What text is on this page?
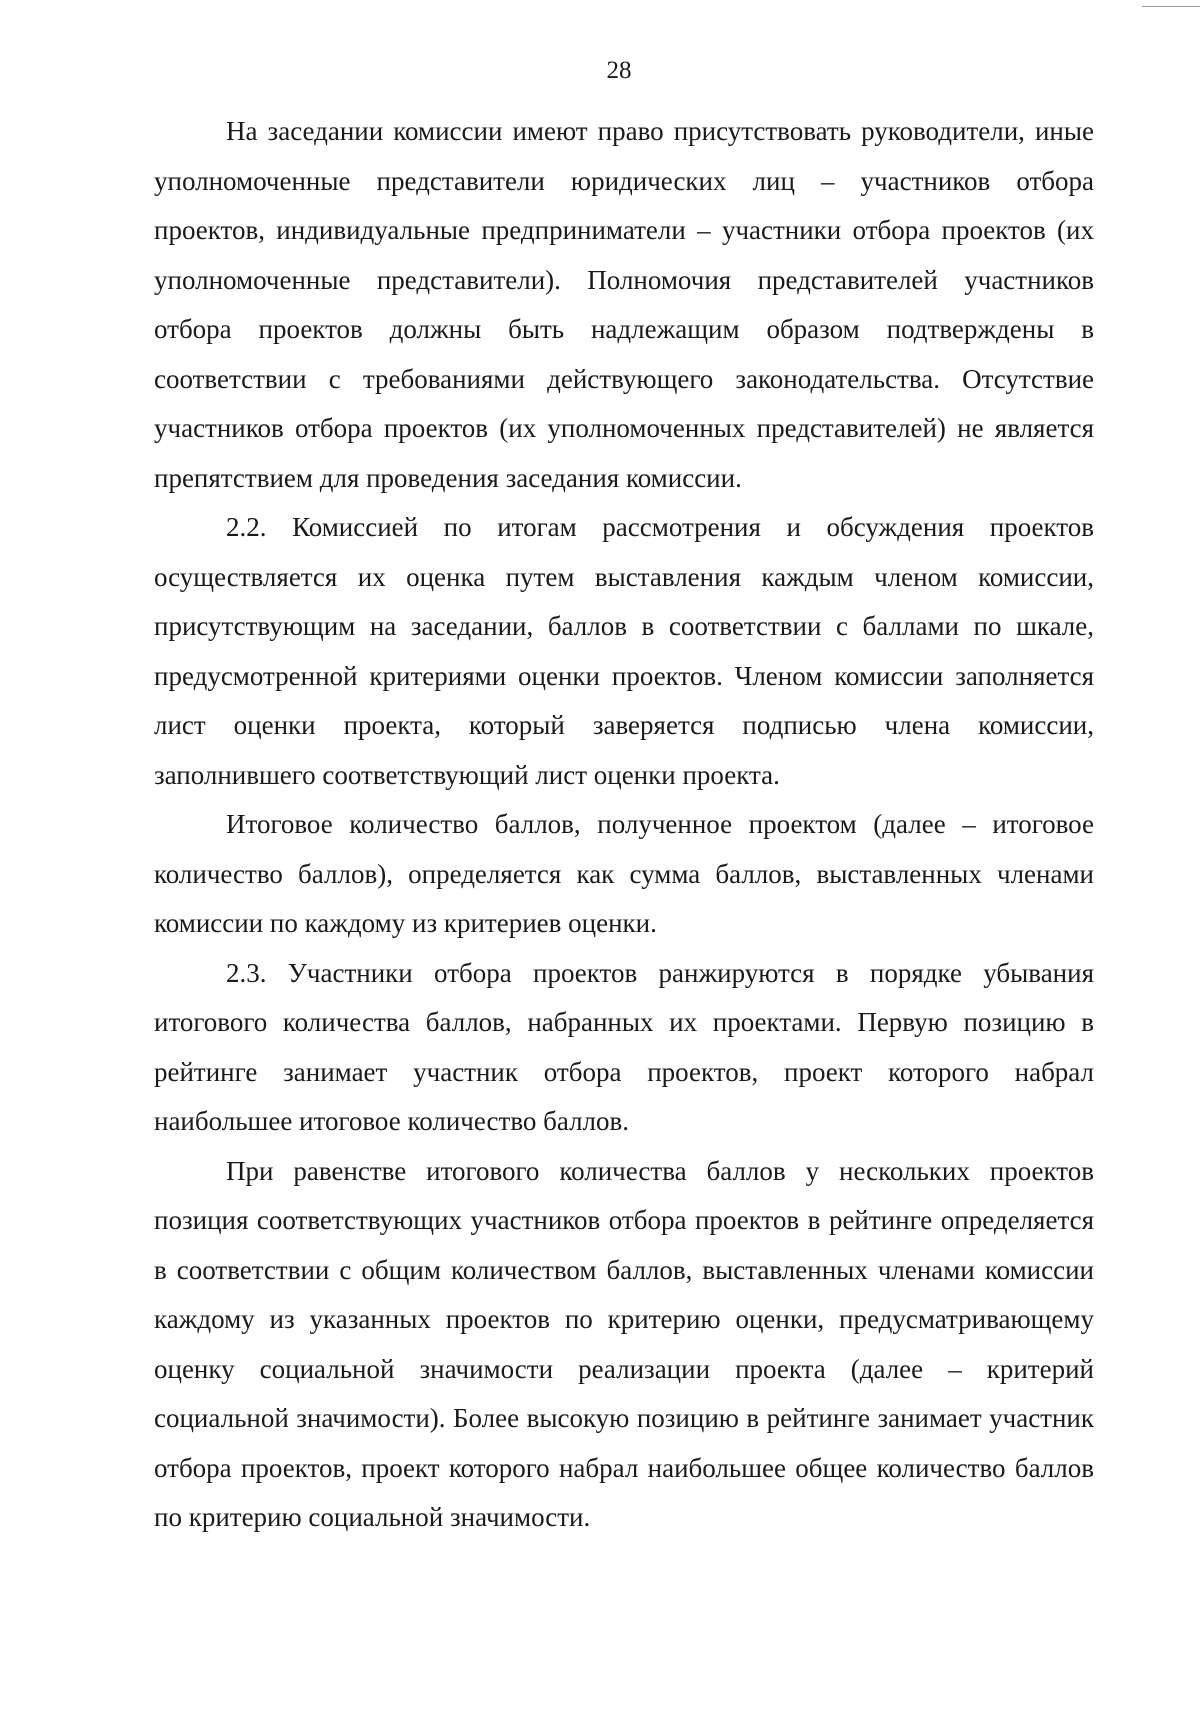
28

На заседании комиссии имеют право присутствовать руководители, иные уполномоченные представители юридических лиц – участников отбора проектов, индивидуальные предприниматели – участники отбора проектов (их уполномоченные представители). Полномочия представителей участников отбора проектов должны быть надлежащим образом подтверждены в соответствии с требованиями действующего законодательства. Отсутствие участников отбора проектов (их уполномоченных представителей) не является препятствием для проведения заседания комиссии.

2.2. Комиссией по итогам рассмотрения и обсуждения проектов осуществляется их оценка путем выставления каждым членом комиссии, присутствующим на заседании, баллов в соответствии с баллами по шкале, предусмотренной критериями оценки проектов. Членом комиссии заполняется лист оценки проекта, который заверяется подписью члена комиссии, заполнившего соответствующий лист оценки проекта.

Итоговое количество баллов, полученное проектом (далее – итоговое количество баллов), определяется как сумма баллов, выставленных членами комиссии по каждому из критериев оценки.

2.3. Участники отбора проектов ранжируются в порядке убывания итогового количества баллов, набранных их проектами. Первую позицию в рейтинге занимает участник отбора проектов, проект которого набрал наибольшее итоговое количество баллов.

При равенстве итогового количества баллов у нескольких проектов позиция соответствующих участников отбора проектов в рейтинге определяется в соответствии с общим количеством баллов, выставленных членами комиссии каждому из указанных проектов по критерию оценки, предусматривающему оценку социальной значимости реализации проекта (далее – критерий социальной значимости). Более высокую позицию в рейтинге занимает участник отбора проектов, проект которого набрал наибольшее общее количество баллов по критерию социальной значимости.
